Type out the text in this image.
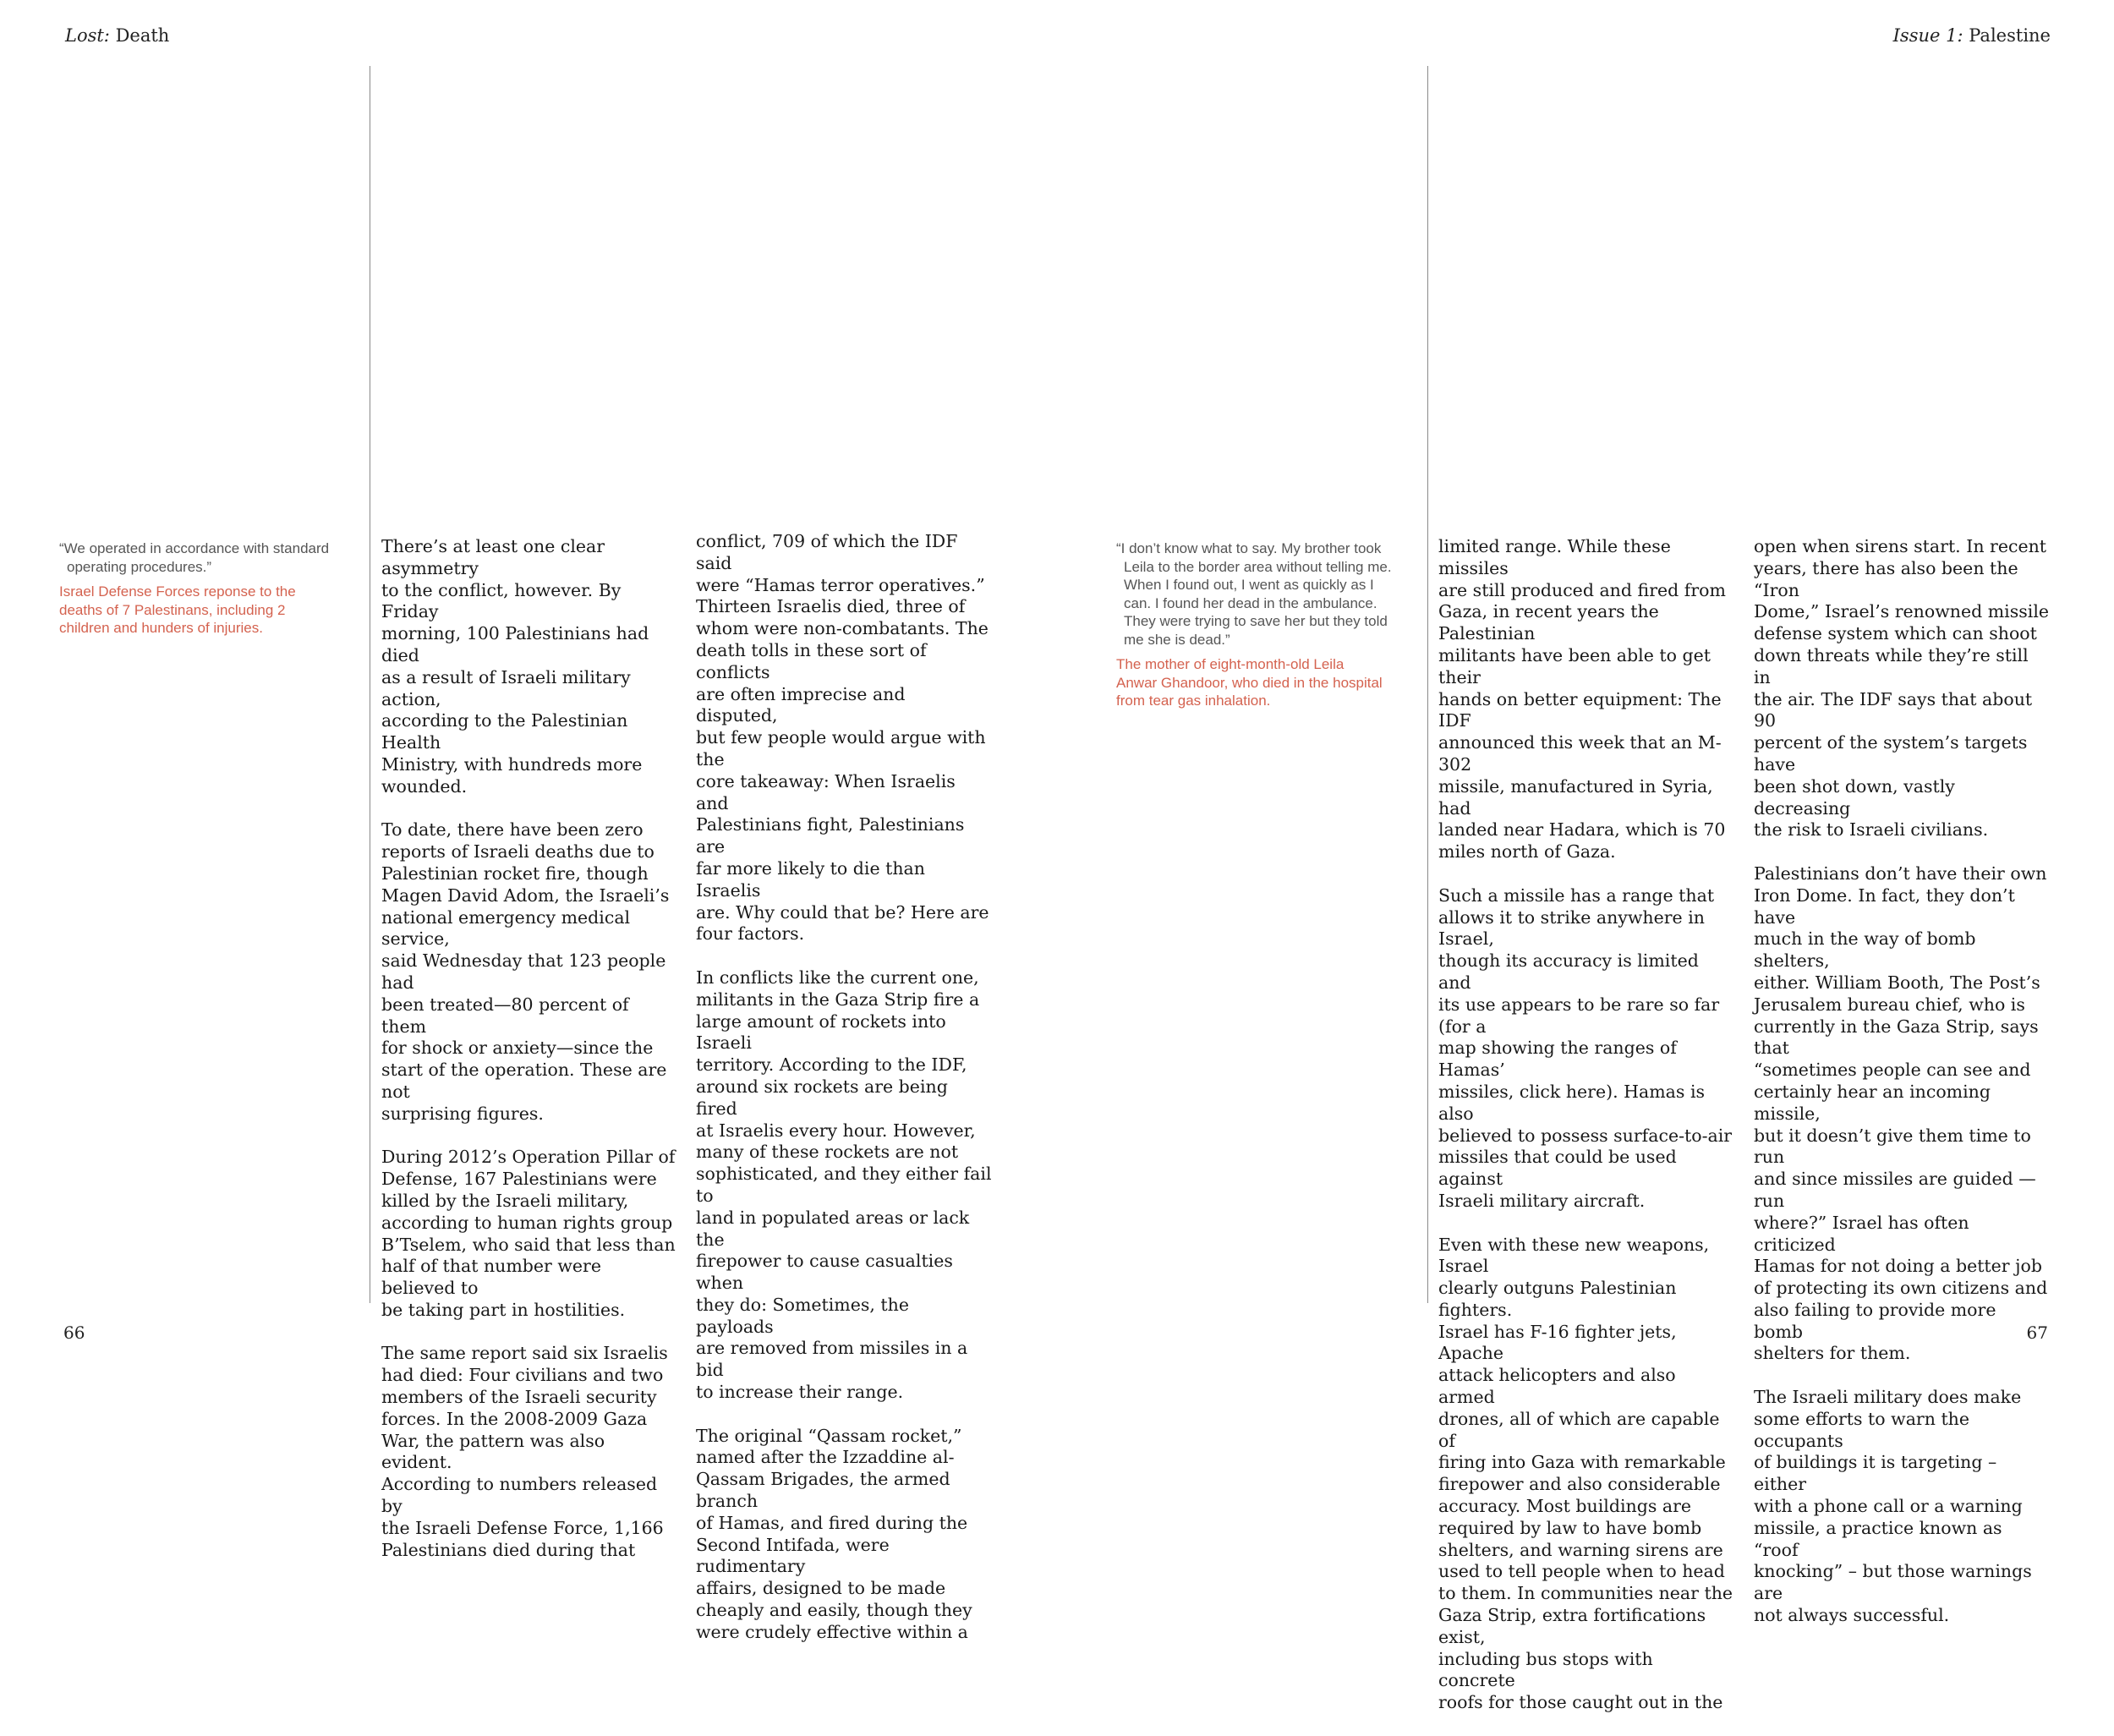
Lost: Death	Issue 1: Palestine

“We operated in accordance with standard
operating procedures.”

Israel Defense Forces reponse to the
deaths of 7 Palestinans, including 2
children and hunders of injuries.

“I don’t know what to say. My brother took
Leila to the border area without telling me.
When I found out, I went as quickly as I
can. I found her dead in the ambulance.
They were trying to save her but they told
me she is dead.”

The mother of eight-month-old Leila
Anwar Ghandoor, who died in the hospital
from tear gas inhalation.

There’s at least one clear asymmetry
to the conflict, however. By Friday
morning, 100 Palestinians had died
as a result of Israeli military action,
according to the Palestinian Health
Ministry, with hundreds more
wounded.

To date, there have been zero
reports of Israeli deaths due to
Palestinian rocket fire, though
Magen David Adom, the Israeli’s
national emergency medical service,
said Wednesday that 123 people had
been treated—80 percent of them
for shock or anxiety—since the
start of the operation. These are not
surprising figures.

During 2012’s Operation Pillar of
Defense, 167 Palestinians were
killed by the Israeli military,
according to human rights group
B’Tselem, who said that less than
half of that number were believed to
be taking part in hostilities.

The same report said six Israelis
had died: Four civilians and two
members of the Israeli security
forces. In the 2008-2009 Gaza
War, the pattern was also evident.
According to numbers released by
the Israeli Defense Force, 1,166
Palestinians died during that

conflict, 709 of which the IDF said
were “Hamas terror operatives.”
Thirteen Israelis died, three of
whom were non-combatants. The
death tolls in these sort of conflicts
are often imprecise and disputed,
but few people would argue with the
core takeaway: When Israelis and
Palestinians fight, Palestinians are
far more likely to die than Israelis
are. Why could that be? Here are
four factors.

In conflicts like the current one,
militants in the Gaza Strip fire a
large amount of rockets into Israeli
territory. According to the IDF,
around six rockets are being fired
at Israelis every hour. However,
many of these rockets are not
sophisticated, and they either fail to
land in populated areas or lack the
firepower to cause casualties when
they do: Sometimes, the payloads
are removed from missiles in a bid
to increase their range.

The original “Qassam rocket,”
named after the Izzaddine al-
Qassam Brigades, the armed branch
of Hamas, and fired during the
Second Intifada, were rudimentary
affairs, designed to be made
cheaply and easily, though they
were crudely effective within a

limited range. While these missiles
are still produced and fired from
Gaza, in recent years the Palestinian
militants have been able to get their
hands on better equipment: The IDF
announced this week that an M-302
missile, manufactured in Syria, had
landed near Hadara, which is 70
miles north of Gaza.

Such a missile has a range that
allows it to strike anywhere in Israel,
though its accuracy is limited and
its use appears to be rare so far (for a
map showing the ranges of Hamas’
missiles, click here). Hamas is also
believed to possess surface-to-air
missiles that could be used against
Israeli military aircraft.

Even with these new weapons, Israel
clearly outguns Palestinian fighters.
Israel has F-16 fighter jets, Apache
attack helicopters and also armed
drones, all of which are capable of
firing into Gaza with remarkable
firepower and also considerable
accuracy. Most buildings are
required by law to have bomb
shelters, and warning sirens are
used to tell people when to head
to them. In communities near the
Gaza Strip, extra fortifications exist,
including bus stops with concrete
roofs for those caught out in the

open when sirens start. In recent
years, there has also been the “Iron
Dome,” Israel’s renowned missile
defense system which can shoot
down threats while they’re still in
the air. The IDF says that about 90
percent of the system’s targets have
been shot down, vastly decreasing
the risk to Israeli civilians.

Palestinians don’t have their own
Iron Dome. In fact, they don’t have
much in the way of bomb shelters,
either. William Booth, The Post’s
Jerusalem bureau chief, who is
currently in the Gaza Strip, says that
“sometimes people can see and
certainly hear an incoming missile,
but it doesn’t give them time to run
and since missiles are guided — run
where?” Israel has often criticized
Hamas for not doing a better job
of protecting its own citizens and
also failing to provide more bomb
shelters for them.

The Israeli military does make
some efforts to warn the occupants
of buildings it is targeting – either
with a phone call or a warning
missile, a practice known as “roof
knocking” – but those warnings are
not always successful.

66	67
